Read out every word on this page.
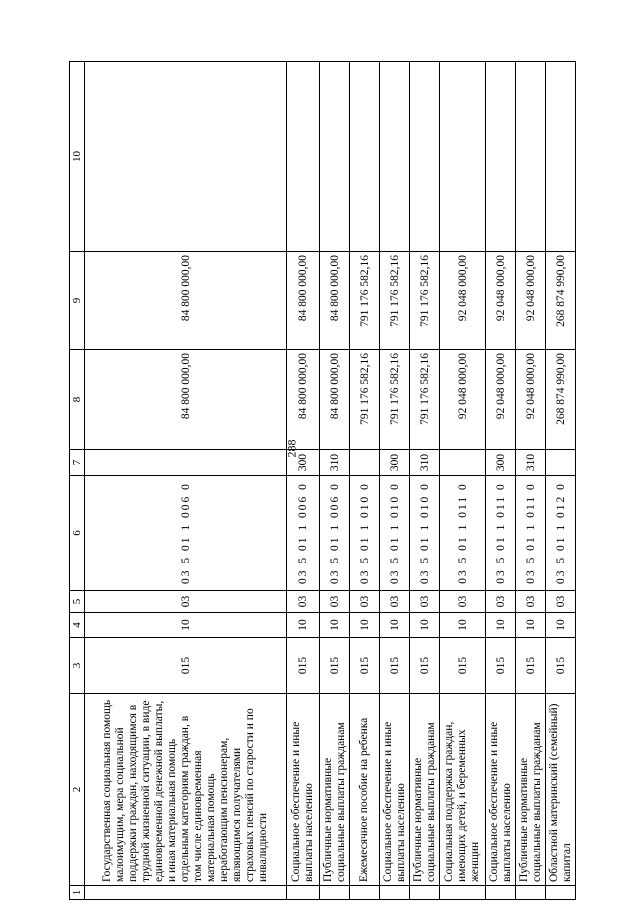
288
1	2	3	4	5	6	7	8	9	10
	Государственная социальная помощь малоимущим, мера социальной поддержки граждан, находящимся в трудной жизненной ситуации, в виде единовременной денежной выплаты, и иная материальная помощь отдельным категориям граждан, в том числе единовременная материальная помощь неработающим пенсионерам, являющимся получателями страховых пенсий по старости и по инвалидности	015	10	03	03 5 01 1 006 0		84 800 000,00	84 800 000,00	
	Социальное обеспечение и иные выплаты населению	015	10	03	03 5 01 1 006 0	300	84 800 000,00	84 800 000,00	
	Публичные нормативные социальные выплаты гражданам	015	10	03	03 5 01 1 006 0	310	84 800 000,00	84 800 000,00	
	Ежемесячное пособие на ребенка	015	10	03	03 5 01 1 010 0		791 176 582,16	791 176 582,16	
	Социальное обеспечение и иные выплаты населению	015	10	03	03 5 01 1 010 0	300	791 176 582,16	791 176 582,16	
	Публичные нормативные социальные выплаты гражданам	015	10	03	03 5 01 1 010 0	310	791 176 582,16	791 176 582,16	
	Социальная поддержка граждан, имеющих детей, и беременных женщин	015	10	03	03 5 01 1 011 0		92 048 000,00	92 048 000,00	
	Социальное обеспечение и иные выплаты населению	015	10	03	03 5 01 1 011 0	300	92 048 000,00	92 048 000,00	
	Публичные нормативные социальные выплаты гражданам	015	10	03	03 5 01 1 011 0	310	92 048 000,00	92 048 000,00	
	Областной материнский (семейный) капитал	015	10	03	03 5 01 1 012 0		268 874 990,00	268 874 990,00	
